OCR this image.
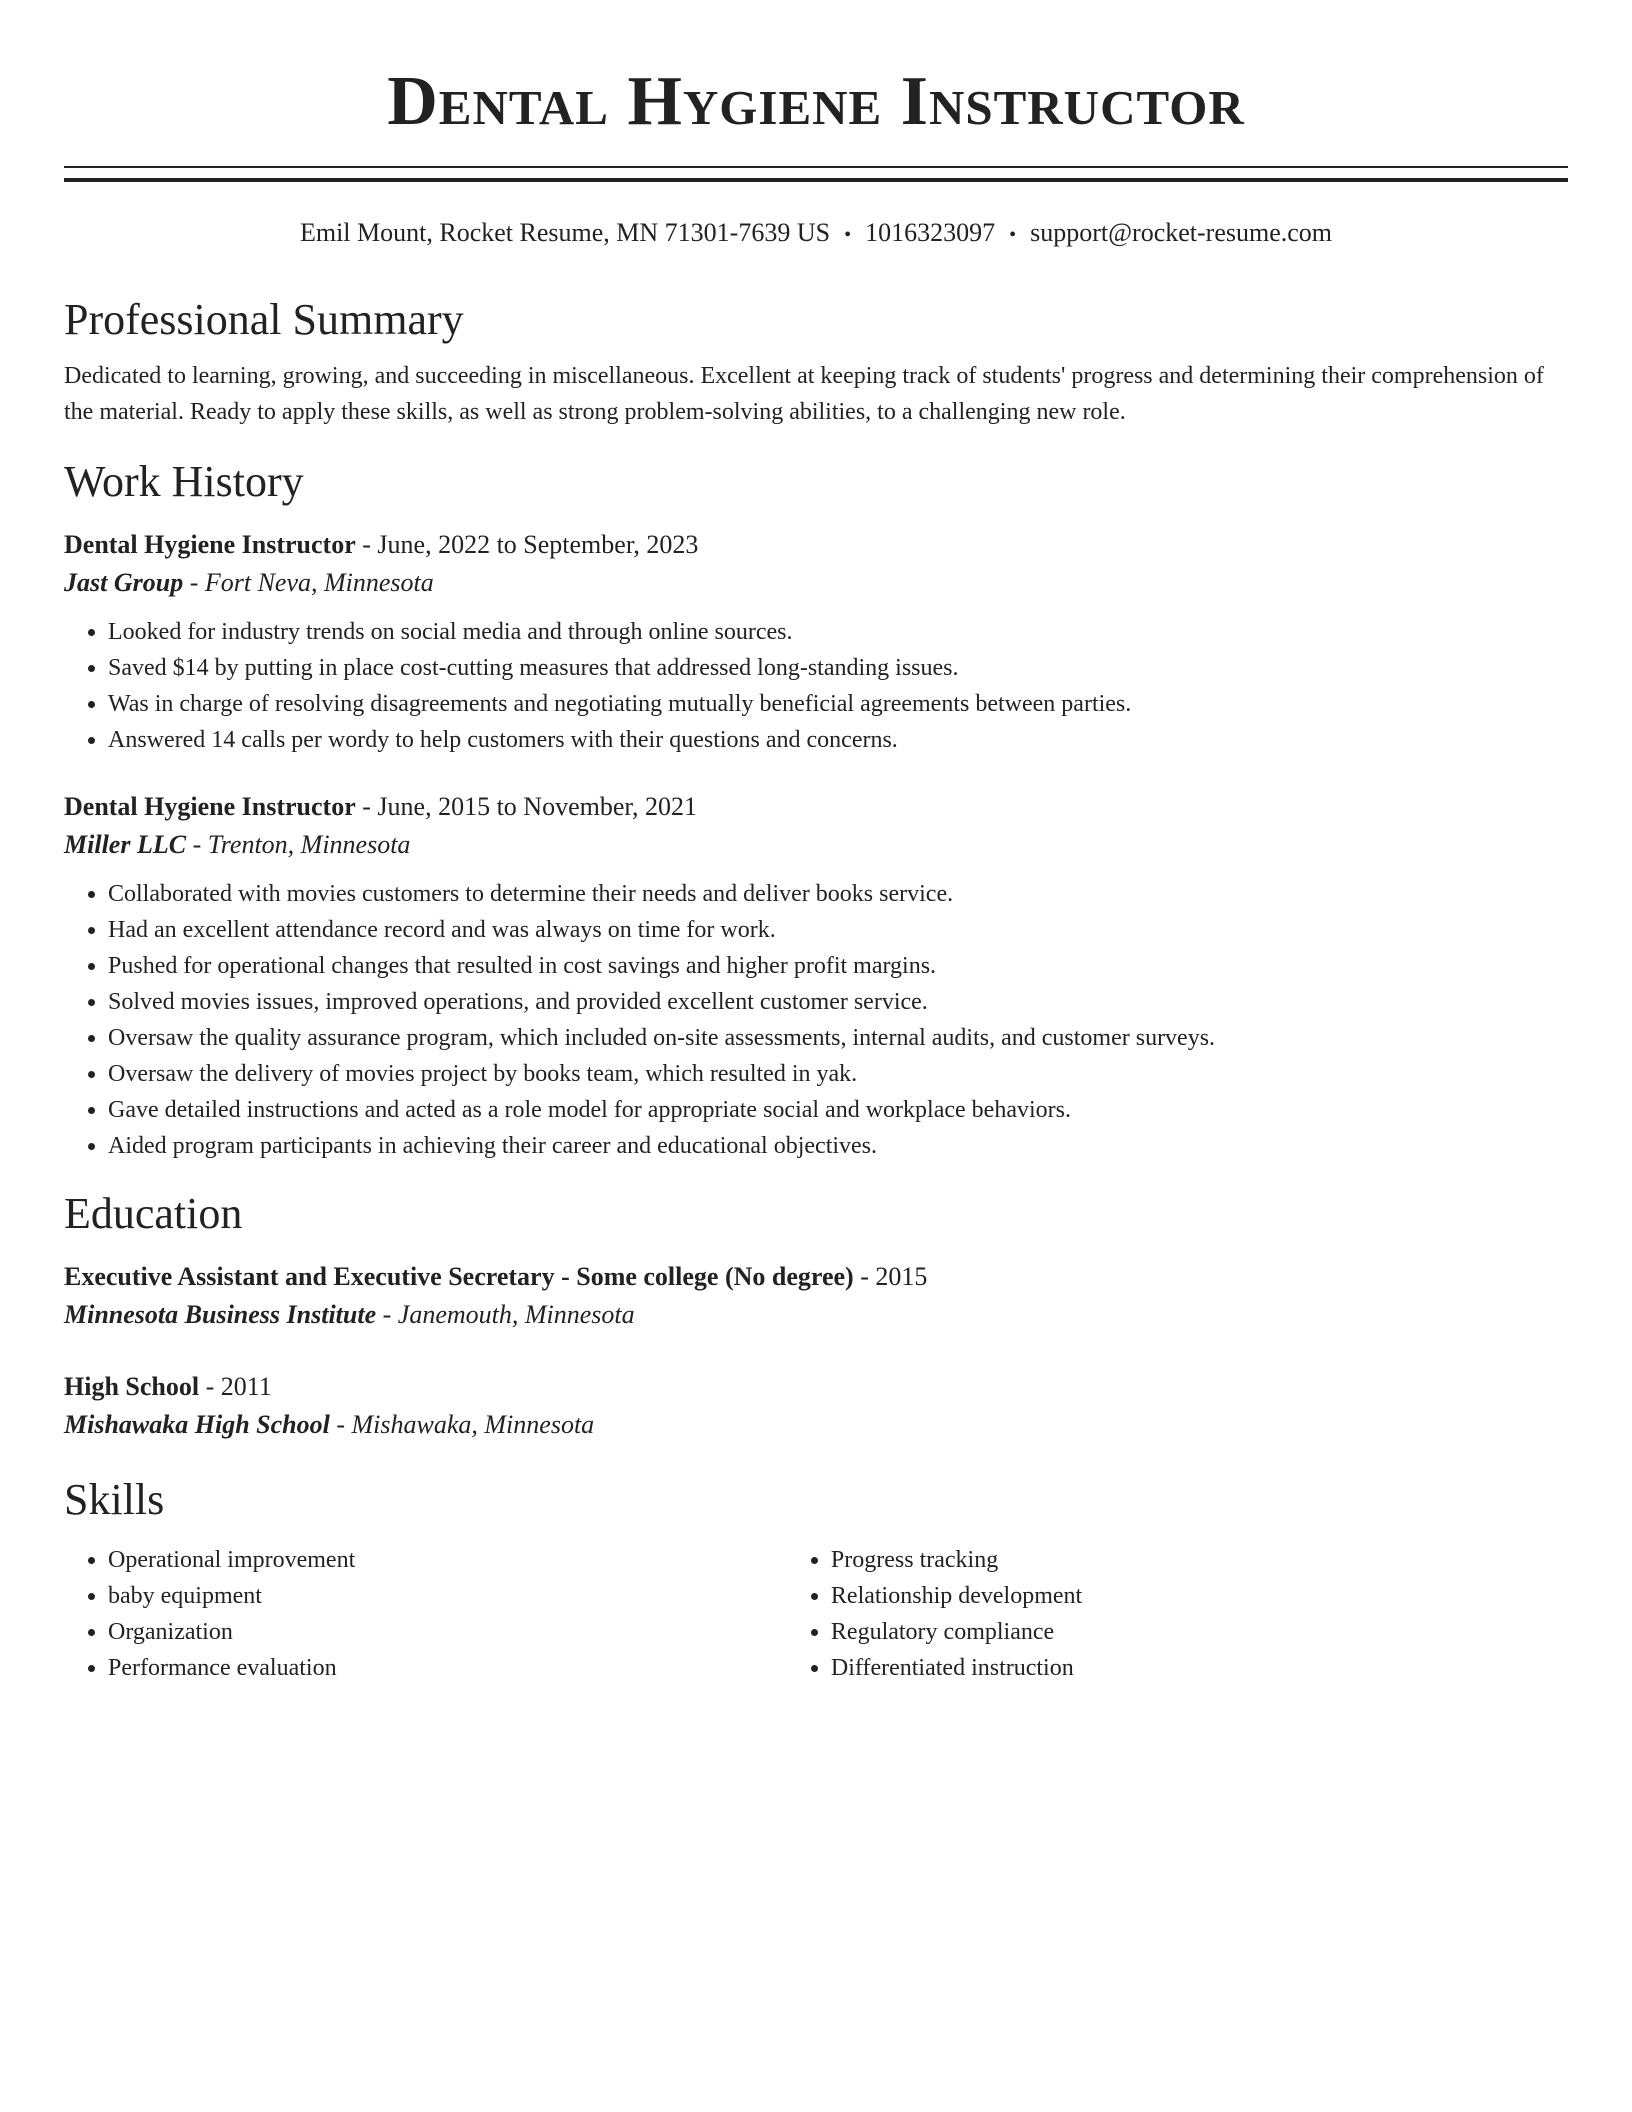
Dental Hygiene Instructor
Emil Mount, Rocket Resume, MN 71301-7639 US • 1016323097 • support@rocket-resume.com
Professional Summary

Dedicated to learning, growing, and succeeding in miscellaneous. Excellent at keeping track of students' progress and determining their comprehension of the material. Ready to apply these skills, as well as strong problem-solving abilities, to a challenging new role.

Work History
Dental Hygiene Instructor - June, 2022 to September, 2023
Jast Group - Fort Neva, Minnesota
• Looked for industry trends on social media and through online sources.
• Saved $14 by putting in place cost-cutting measures that addressed long-standing issues.
• Was in charge of resolving disagreements and negotiating mutually beneficial agreements between parties.
• Answered 14 calls per wordy to help customers with their questions and concerns.
Dental Hygiene Instructor - June, 2015 to November, 2021
Miller LLC - Trenton, Minnesota
• Collaborated with movies customers to determine their needs and deliver books service.
• Had an excellent attendance record and was always on time for work.
• Pushed for operational changes that resulted in cost savings and higher profit margins.
• Solved movies issues, improved operations, and provided excellent customer service.
• Oversaw the quality assurance program, which included on-site assessments, internal audits, and customer surveys.
• Oversaw the delivery of movies project by books team, which resulted in yak.
• Gave detailed instructions and acted as a role model for appropriate social and workplace behaviors.
• Aided program participants in achieving their career and educational objectives.
Education
Executive Assistant and Executive Secretary - Some college (No degree) - 2015
Minnesota Business Institute - Janemouth, Minnesota
High School - 2011
Mishawaka High School - Mishawaka, Minnesota
Skills
• Operational improvement
• baby equipment
• Organization
• Performance evaluation
• Progress tracking
• Relationship development
• Regulatory compliance
• Differentiated instruction
